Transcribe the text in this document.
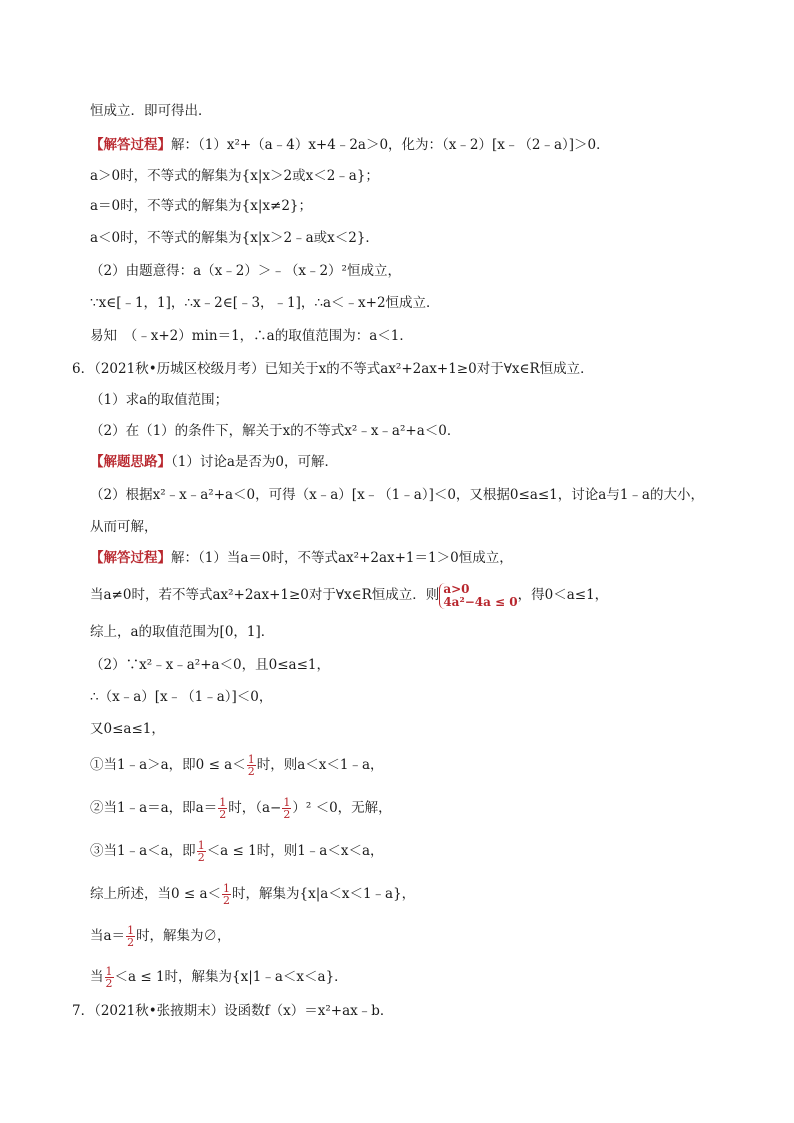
恒成立．即可得出．
【解答过程】解：（1）x²+（a﹣4）x+4﹣2a＞0，化为：（x﹣2）[x﹣（2﹣a）]＞0．
a＞0时，不等式的解集为{x|x＞2或x＜2﹣a}；
a＝0时，不等式的解集为{x|x≠2}；
a＜0时，不等式的解集为{x|x＞2﹣a或x＜2}．
（2）由题意得：a（x﹣2）＞﹣（x﹣2）²恒成立，
∵x∈[﹣1，1]，∴x﹣2∈[﹣3，﹣1]，∴a＜﹣x+2恒成立．
易知　（﹣x+2）min＝1，∴a的取值范围为：a＜1．
6．（2021秋•历城区校级月考）已知关于x的不等式ax²+2ax+1≥0对于∀x∈R恒成立．
（1）求a的取值范围；
（2）在（1）的条件下，解关于x的不等式x²﹣x﹣a²+a＜0．
【解题思路】（1）讨论a是否为0，可解．
（2）根据x²﹣x﹣a²+a＜0，可得（x﹣a）[x﹣（1﹣a）]＜0，又根据0≤a≤1，讨论a与1﹣a的大小，
从而可解，
【解答过程】解：（1）当a＝0时，不等式ax²+2ax+1＝1＞0恒成立，
当a≠0时，若不等式ax²+2ax+1≥0对于∀x∈R恒成立．则 a>0
4a²−4a ≤ 0 ，得0＜a≤1，
综上，a的取值范围为[0，1]．
（2）∵x²﹣x﹣a²+a＜0，且0≤a≤1，
∴（x﹣a）[x﹣（1﹣a）]＜0，
又0≤a≤1，
①当1﹣a＞a，即$0 \le a< \frac{1}{2}$ 时，则a＜x＜1﹣a，
②当1﹣a＝a，即$a= \frac{1}{2}$ 时，$(a- \frac{1}{2} )^2 <0$，无解，
③当1﹣a＜a，即 $\frac{1}{2} <a \le 1$时，则1﹣a＜x＜a，
综上所述，当$0 \le a< \frac{1}{2}$ 时，解集为{x|a＜x＜1﹣a}，
当$a= \frac{1}{2}$ 时，解集为∅，
当 $\frac{1}{2} <a \le 1$时，解集为{x|1﹣a＜x＜a}．
7．（2021秋•张掖期末）设函数f（x）＝x²+ax﹣b．
